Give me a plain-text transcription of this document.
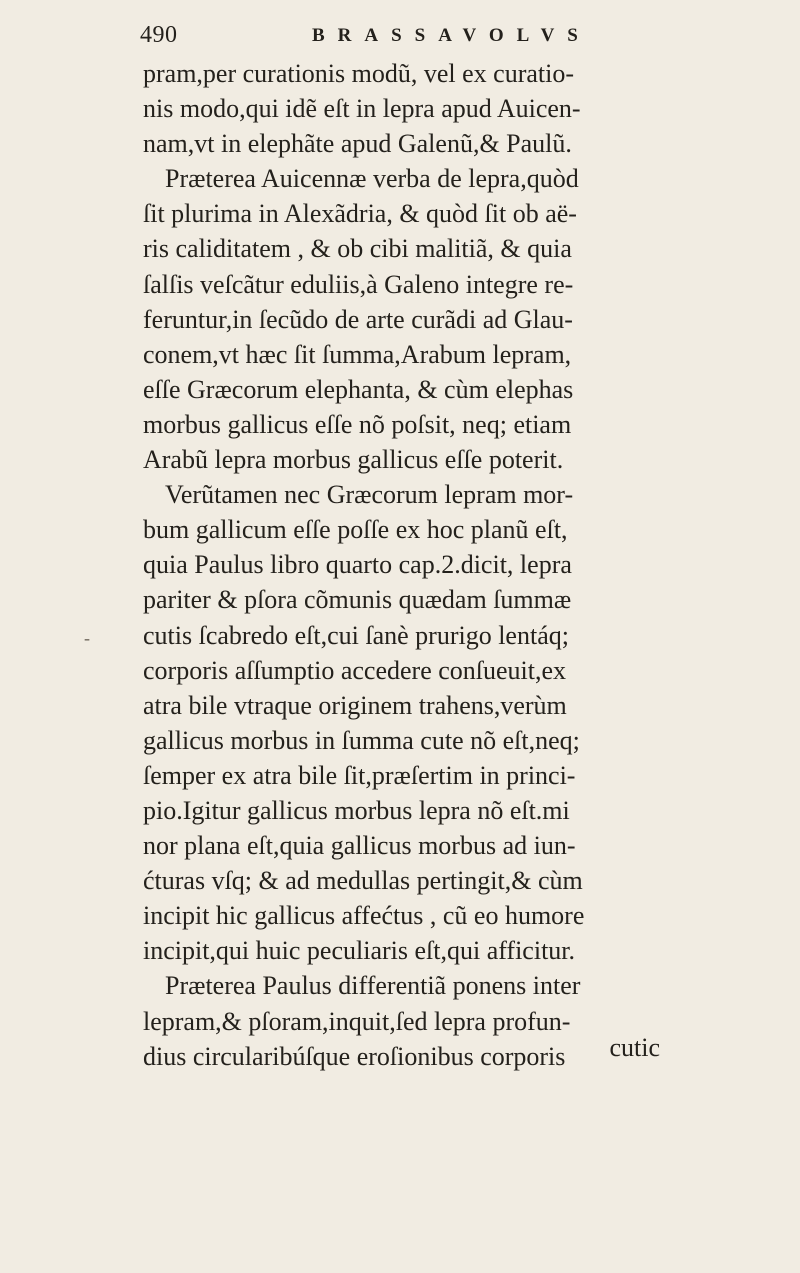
490	BRASSAVOLVS
-
pram,per curationis modũ, vel ex curatio-
nis modo,qui idẽ eſt in lepra apud Auicen-
nam,vt in elephãte apud Galenũ,& Paulũ.
Præterea Auicennæ verba de lepra,quòd
ſit plurima in Alexãdria, & quòd ſit ob aë-
ris caliditatem , & ob cibi malitiã, & quia
ſalſis veſcãtur eduliis,à Galeno integre re-
feruntur,in ſecũdo de arte curãdi ad Glau-
conem,vt hæc ſit ſumma,Arabum lepram,
eſſe Græcorum elephanta, & cùm elephas
morbus gallicus eſſe nõ poſsit, neq; etiam
Arabũ lepra morbus gallicus eſſe poterit.
Verũtamen nec Græcorum lepram mor-
bum gallicum eſſe poſſe ex hoc planũ eſt,
quia Paulus libro quarto cap.2.dicit, lepra
pariter & pſora cõmunis quædam ſummæ
cutis ſcabredo eſt,cui ſanè prurigo lentáq;
corporis aſſumptio accedere conſueuit,ex
atra bile vtraque originem trahens,verùm
gallicus morbus in ſumma cute nõ eſt,neq;
ſemper ex atra bile ſit,præſertim in princi-
pio.Igitur gallicus morbus lepra nõ eſt.mi
nor plana eſt,quia gallicus morbus ad iun-
ćturas vſq; & ad medullas pertingit,& cùm
incipit hic gallicus affećtus , cũ eo humore
incipit,qui huic peculiaris eſt,qui afficitur.
Præterea Paulus differentiã ponens inter
lepram,& pſoram,inquit,ſed lepra profun-
dius circularibúſque eroſionibus corporis	cutic
